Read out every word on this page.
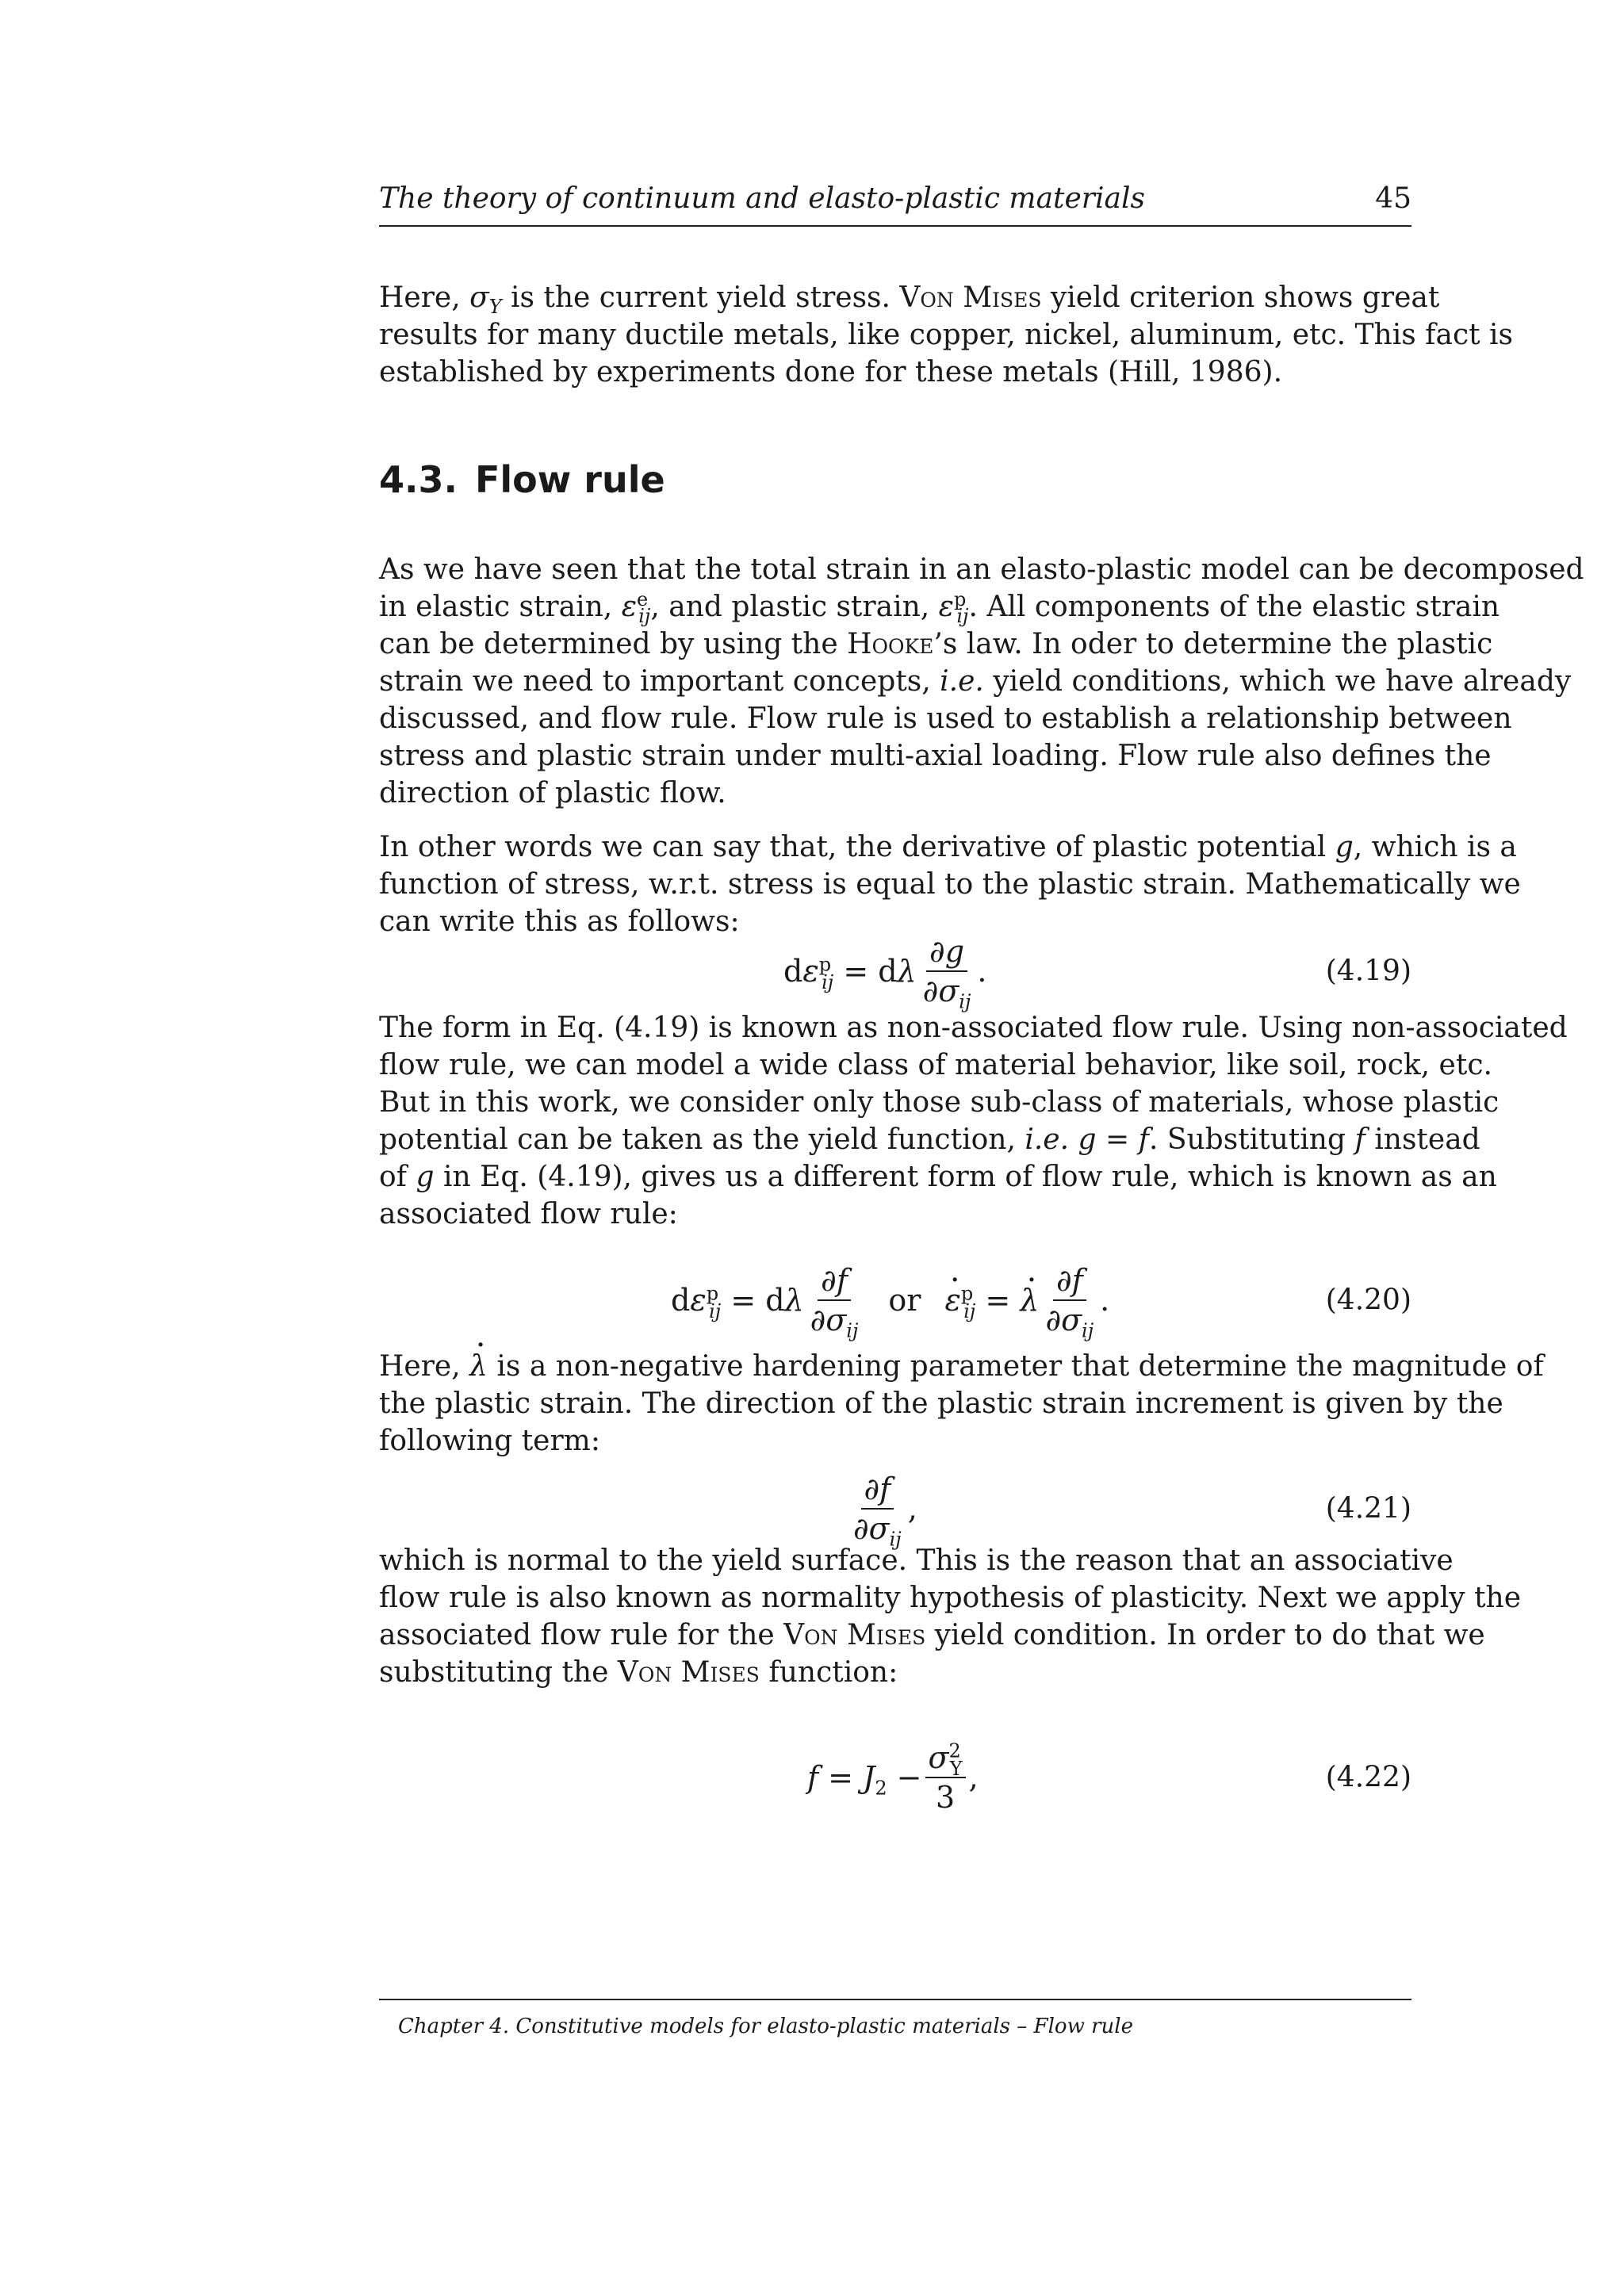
The theory of continuum and elasto-plastic materials	45
Here, $\sigma_Y$ is the current yield stress. Von Mises yield criterion shows great
results for many ductile metals, like copper, nickel, aluminum, etc. This fact is
established by experiments done for these metals (Hill, 1986).
4.3. Flow rule
As we have seen that the total strain in an elasto-plastic model can be decomposed
in elastic strain, $\varepsilon^e_{ij}$, and plastic strain, $\varepsilon^p_{ij}$. All components of the elastic strain
can be determined by using the Hooke’s law. In oder to determine the plastic
strain we need to important concepts, i.e. yield conditions, which we have already
discussed, and flow rule. Flow rule is used to establish a relationship between
stress and plastic strain under multi-axial loading. Flow rule also defines the
direction of plastic flow.
In other words we can say that, the derivative of plastic potential g, which is a
function of stress, w.r.t. stress is equal to the plastic strain. Mathematically we
can write this as follows:
$d\varepsilon^p_{ij} = d\lambda \frac{\partial g}{\partial\sigma_{ij}}$ .	(4.19)
The form in Eq. (4.19) is known as non-associated flow rule. Using non-associated
flow rule, we can model a wide class of material behavior, like soil, rock, etc.
But in this work, we consider only those sub-class of materials, whose plastic
potential can be taken as the yield function, i.e. g = f. Substituting f instead
of g in Eq. (4.19), gives us a different form of flow rule, which is known as an
associated flow rule:
$d\varepsilon^p_{ij} = d\lambda \frac{\partial f}{\partial\sigma_{ij}}$ or
· $\varepsilon^p_{ij}$ = · λ $\frac{\partial f}{\partial\sigma_{ij}}$ .	(4.20)
Here, · λ is a non-negative hardening parameter that determine the magnitude of
the plastic strain. The direction of the plastic strain increment is given by the
following term:
$\frac{\partial f}{\partial\sigma_{ij}}$ ,	(4.21)
which is normal to the yield surface. This is the reason that an associative
flow rule is also known as normality hypothesis of plasticity. Next we apply the
associated flow rule for the Von Mises yield condition. In order to do that we
substituting the Von Mises function:
$f = J_2 - \frac{\sigma^2_Y}{3}$ ,	(4.22)
Chapter 4. Constitutive models for elasto-plastic materials – Flow rule
